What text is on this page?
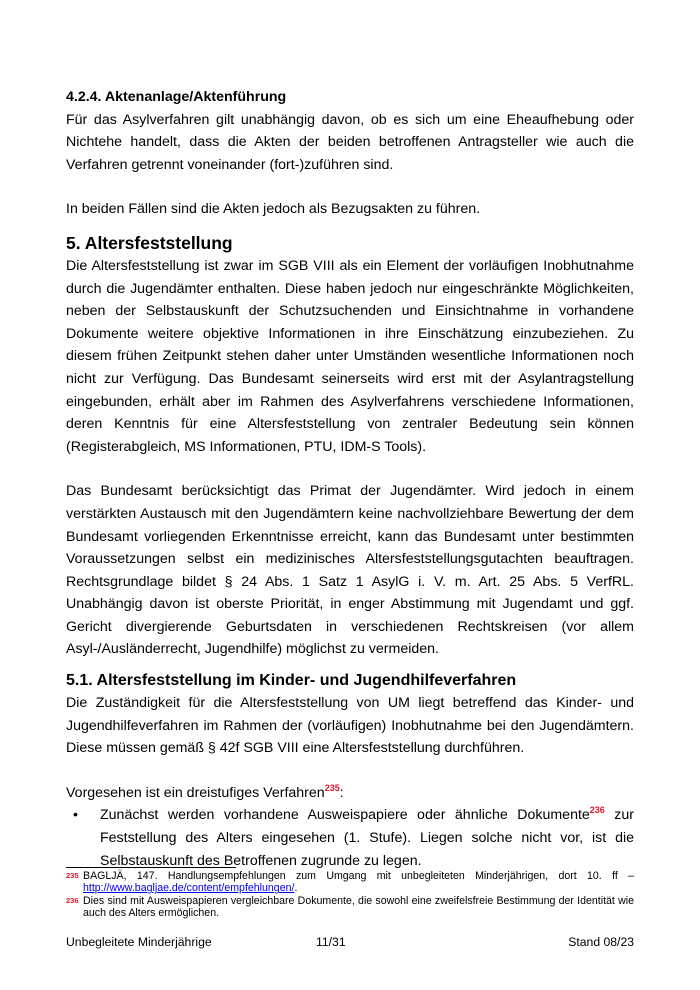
4.2.4. Aktenanlage/Aktenführung

Für das Asylverfahren gilt unabhängig davon, ob es sich um eine Eheaufhebung oder Nichtehe handelt, dass die Akten der beiden betroffenen Antragsteller wie auch die Verfahren getrennt voneinander (fort-)zuführen sind.

In beiden Fällen sind die Akten jedoch als Bezugsakten zu führen.

5. Altersfeststellung

Die Altersfeststellung ist zwar im SGB VIII als ein Element der vorläufigen Inobhutnahme durch die Jugendämter enthalten. Diese haben jedoch nur eingeschränkte Möglichkeiten, neben der Selbstauskunft der Schutzsuchenden und Einsichtnahme in vorhandene Dokumente weitere objektive Informationen in ihre Einschätzung einzubeziehen. Zu diesem frühen Zeitpunkt stehen daher unter Umständen wesentliche Informationen noch nicht zur Verfügung. Das Bundesamt seinerseits wird erst mit der Asylantragstellung eingebunden, erhält aber im Rahmen des Asylverfahrens verschiedene Informationen, deren Kenntnis für eine Altersfeststellung von zentraler Bedeutung sein können (Registerabgleich, MS Informationen, PTU, IDM-S Tools).

Das Bundesamt berücksichtigt das Primat der Jugendämter. Wird jedoch in einem verstärkten Austausch mit den Jugendämtern keine nachvollziehbare Bewertung der dem Bundesamt vorliegenden Erkenntnisse erreicht, kann das Bundesamt unter bestimmten Voraussetzungen selbst ein medizinisches Altersfeststellungsgutachten beauftragen. Rechtsgrundlage bildet § 24 Abs. 1 Satz 1 AsylG i. V. m. Art. 25 Abs. 5 VerfRL. Unabhängig davon ist oberste Priorität, in enger Abstimmung mit Jugendamt und ggf. Gericht divergierende Geburtsdaten in verschiedenen Rechtskreisen (vor allem Asyl-/Ausländerrecht, Jugendhilfe) möglichst zu vermeiden.

5.1. Altersfeststellung im Kinder- und Jugendhilfeverfahren

Die Zuständigkeit für die Altersfeststellung von UM liegt betreffend das Kinder- und Jugendhilfeverfahren im Rahmen der (vorläufigen) Inobhutnahme bei den Jugendämtern. Diese müssen gemäß § 42f SGB VIII eine Altersfeststellung durchführen.

Vorgesehen ist ein dreistufiges Verfahren$^{235}$:

•	Zunächst werden vorhandene Ausweispapiere oder ähnliche Dokumente$^{236}$ zur Feststellung des Alters eingesehen (1. Stufe). Liegen solche nicht vor, ist die Selbstauskunft des Betroffenen zugrunde zu legen.
235 BAGLJÄ, 147. Handlungsempfehlungen zum Umgang mit unbegleiteten Minderjährigen, dort 10. ff – http://www.bagljae.de/content/empfehlungen/.
236 Dies sind mit Ausweispapieren vergleichbare Dokumente, die sowohl eine zweifelsfreie Bestimmung der Identität wie auch des Alters ermöglichen.
Unbegleitete Minderjährige	11/31	Stand 08/23
